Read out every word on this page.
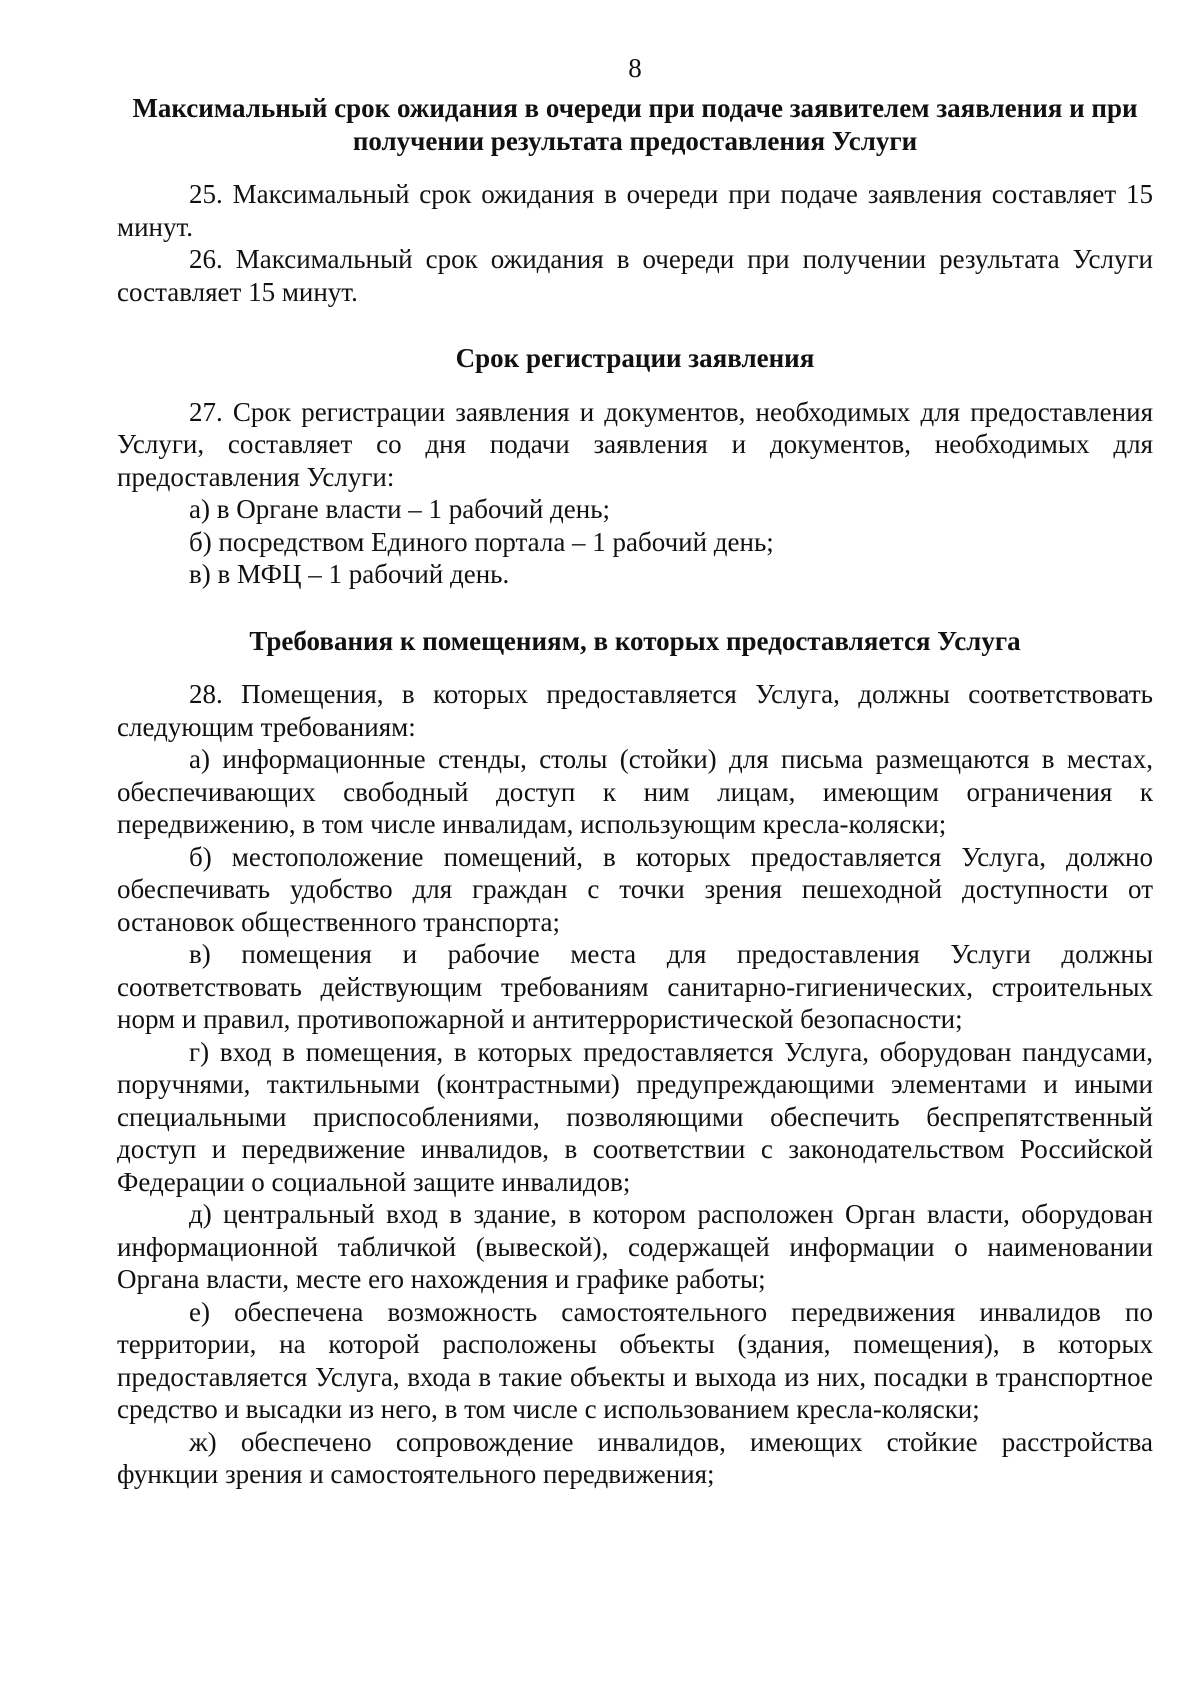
8
Максимальный срок ожидания в очереди при подаче заявителем заявления и при получении результата предоставления Услуги

25. Максимальный срок ожидания в очереди при подаче заявления составляет 15 минут.

26. Максимальный срок ожидания в очереди при получении результата Услуги составляет 15 минут.

Срок регистрации заявления

27. Срок регистрации заявления и документов, необходимых для предоставления Услуги, составляет со дня подачи заявления и документов, необходимых для предоставления Услуги:

а) в Органе власти – 1 рабочий день;

б) посредством Единого портала – 1 рабочий день;

в) в МФЦ – 1 рабочий день.

Требования к помещениям, в которых предоставляется Услуга

28. Помещения, в которых предоставляется Услуга, должны соответствовать следующим требованиям:

а) информационные стенды, столы (стойки) для письма размещаются в местах, обеспечивающих свободный доступ к ним лицам, имеющим ограничения к передвижению, в том числе инвалидам, использующим кресла-коляски;

б) местоположение помещений, в которых предоставляется Услуга, должно обеспечивать удобство для граждан с точки зрения пешеходной доступности от остановок общественного транспорта;

в) помещения и рабочие места для предоставления Услуги должны соответствовать действующим требованиям санитарно-гигиенических, строительных норм и правил, противопожарной и антитеррористической безопасности;

г) вход в помещения, в которых предоставляется Услуга, оборудован пандусами, поручнями, тактильными (контрастными) предупреждающими элементами и иными специальными приспособлениями, позволяющими обеспечить беспрепятственный доступ и передвижение инвалидов, в соответствии с законодательством Российской Федерации о социальной защите инвалидов;

д) центральный вход в здание, в котором расположен Орган власти, оборудован информационной табличкой (вывеской), содержащей информации о наименовании Органа власти, месте его нахождения и графике работы;

е) обеспечена возможность самостоятельного передвижения инвалидов по территории, на которой расположены объекты (здания, помещения), в которых предоставляется Услуга, входа в такие объекты и выхода из них, посадки в транспортное средство и высадки из него, в том числе с использованием кресла-коляски;

ж) обеспечено сопровождение инвалидов, имеющих стойкие расстройства функции зрения и самостоятельного передвижения;
